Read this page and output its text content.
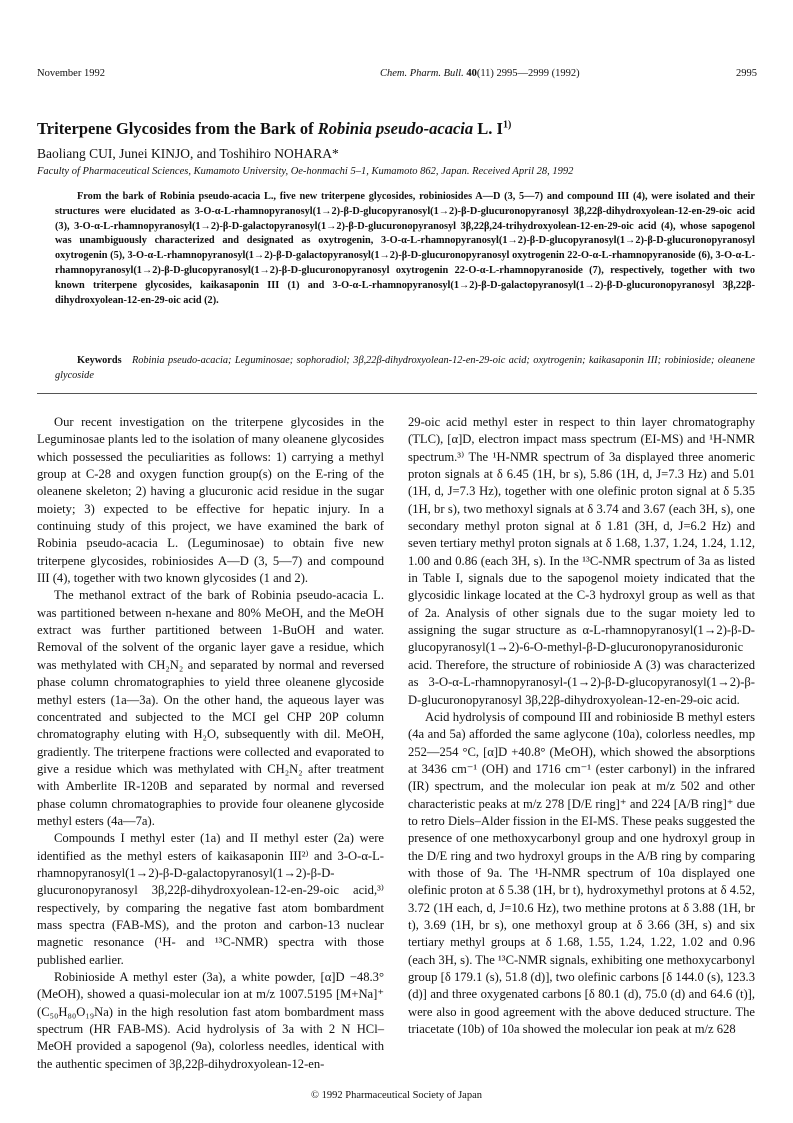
November 1992	Chem. Pharm. Bull. 40(11) 2995—2999 (1992)	2995
Triterpene Glycosides from the Bark of Robinia pseudo-acacia L. $I^{1)}$
Baoliang CUI, Junei KINJO, and Toshihiro NOHARA*
Faculty of Pharmaceutical Sciences, Kumamoto University, Oe-honmachi 5–1, Kumamoto 862, Japan. Received April 28, 1992
From the bark of Robinia pseudo-acacia L., five new triterpene glycosides, robiniosides A—D (3, 5—7) and compound III (4), were isolated and their structures were elucidated as 3-O-α-L-rhamnopyranosyl(1→2)-β-D-glucopyranosyl(1→2)-β-D-glucuronopyranosyl 3β,22β-dihydroxyolean-12-en-29-oic acid (3), 3-O-α-L-rhamnopyranosyl(1→2)-β-D-galactopyranosyl(1→2)-β-D-glucuronopyranosyl 3β,22β,24-trihydroxyolean-12-en-29-oic acid (4), whose sapogenol was unambiguously characterized and designated as oxytrogenin, 3-O-α-L-rhamnopyranosyl(1→2)-β-D-glucopyranosyl(1→2)-β-D-glucuronopyranosyl oxytrogenin (5), 3-O-α-L-rhamnopyranosyl(1→2)-β-D-galactopyranosyl(1→2)-β-D-glucuronopyranosyl oxytrogenin 22-O-α-L-rhamnopyranoside (6), 3-O-α-L-rhamnopyranosyl(1→2)-β-D-glucopyranosyl(1→2)-β-D-glucuronopyranosyl oxytrogenin 22-O-α-L-rhamnopyranoside (7), respectively, together with two known triterpene glycosides, kaikasaponin III (1) and 3-O-α-L-rhamnopyranosyl(1→2)-β-D-galactopyranosyl(1→2)-β-D-glucuronopyranosyl 3β,22β-dihydroxyolean-12-en-29-oic acid (2).
Keywords Robinia pseudo-acacia; Leguminosae; sophoradiol; 3β,22β-dihydroxyolean-12-en-29-oic acid; oxytrogenin; kaikasaponin III; robinioside; oleanene glycoside

Our recent investigation on the triterpene glycosides in the Leguminosae plants led to the isolation of many oleanene glycosides which possessed the peculiarities as follows: 1) carrying a methyl group at C-28 and oxygen function group(s) on the E-ring of the oleanene skeleton; 2) having a glucuronic acid residue in the sugar moiety; 3) expected to be effective for hepatic injury. In a continuing study of this project, we have examined the bark of Robinia pseudo-acacia L. (Leguminosae) to obtain five new triterpene glycosides, robiniosides A—D (3, 5—7) and compound III (4), together with two known glycosides (1 and 2).

The methanol extract of the bark of Robinia pseudo-acacia L. was partitioned between n-hexane and 80% MeOH, and the MeOH extract was further partitioned between 1-BuOH and water. Removal of the solvent of the organic layer gave a residue, which was methylated with CH₂N₂ and separated by normal and reversed phase column chromatographies to yield three oleanene glycoside methyl esters (1a—3a). On the other hand, the aqueous layer was concentrated and subjected to the MCI gel CHP 20P column chromatography eluting with H₂O, subsequently with dil. MeOH, gradiently. The triterpene fractions were collected and evaporated to give a residue which was methylated with CH₂N₂ after treatment with Amberlite IR-120B and separated by normal and reversed phase column chromatographies to provide four oleanene glycoside methyl esters (4a—7a).

Compounds I methyl ester (1a) and II methyl ester (2a) were identified as the methyl esters of kaikasaponin III²⁾ and 3-O-α-L-rhamnopyranosyl(1→2)-β-D-galactopyranosyl(1→2)-β-D-glucuronopyranosyl 3β,22β-dihydroxyolean-12-en-29-oic acid,³⁾ respectively, by comparing the negative fast atom bombardment mass spectra (FAB-MS), and the proton and carbon-13 nuclear magnetic resonance (¹H- and ¹³C-NMR) spectra with those published earlier.

Robinioside A methyl ester (3a), a white powder, [α]D −48.3° (MeOH), showed a quasi-molecular ion at m/z 1007.5195 [M+Na]⁺ (C₅₀H₈₀O₁₉Na) in the high resolution fast atom bombardment mass spectrum (HR FAB-MS). Acid hydrolysis of 3a with 2 N HCl–MeOH provided a sapogenol (9a), colorless needles, identical with the authentic specimen of 3β,22β-dihydroxyolean-12-en-

29-oic acid methyl ester in respect to thin layer chromatography (TLC), [α]D, electron impact mass spectrum (EI-MS) and ¹H-NMR spectrum.³⁾ The ¹H-NMR spectrum of 3a displayed three anomeric proton signals at δ 6.45 (1H, br s), 5.86 (1H, d, J=7.3 Hz) and 5.01 (1H, d, J=7.3 Hz), together with one olefinic proton signal at δ 5.35 (1H, br s), two methoxyl signals at δ 3.74 and 3.67 (each 3H, s), one secondary methyl proton signal at δ 1.81 (3H, d, J=6.2 Hz) and seven tertiary methyl proton signals at δ 1.68, 1.37, 1.24, 1.24, 1.12, 1.00 and 0.86 (each 3H, s). In the ¹³C-NMR spectrum of 3a as listed in Table I, signals due to the sapogenol moiety indicated that the glycosidic linkage located at the C-3 hydroxyl group as well as that of 2a. Analysis of other signals due to the sugar moiety led to assigning the sugar structure as α-L-rhamnopyranosyl(1→2)-β-D-glucopyranosyl(1→2)-6-O-methyl-β-D-glucuronopyranosiduronic acid. Therefore, the structure of robinioside A (3) was characterized as 3-O-α-L-rhamnopyranosyl-(1→2)-β-D-glucopyranosyl(1→2)-β-D-glucuronopyranosyl 3β,22β-dihydroxyolean-12-en-29-oic acid.

Acid hydrolysis of compound III and robinioside B methyl esters (4a and 5a) afforded the same aglycone (10a), colorless needles, mp 252—254 °C, [α]D +40.8° (MeOH), which showed the absorptions at 3436 cm⁻¹ (OH) and 1716 cm⁻¹ (ester carbonyl) in the infrared (IR) spectrum, and the molecular ion peak at m/z 502 and other characteristic peaks at m/z 278 [D/E ring]⁺ and 224 [A/B ring]⁺ due to retro Diels–Alder fission in the EI-MS. These peaks suggested the presence of one methoxycarbonyl group and one hydroxyl group in the D/E ring and two hydroxyl groups in the A/B ring by comparing with those of 9a. The ¹H-NMR spectrum of 10a displayed one olefinic proton at δ 5.38 (1H, br t), hydroxymethyl protons at δ 4.52, 3.72 (1H each, d, J=10.6 Hz), two methine protons at δ 3.88 (1H, br t), 3.69 (1H, br s), one methoxyl group at δ 3.66 (3H, s) and six tertiary methyl groups at δ 1.68, 1.55, 1.24, 1.22, 1.02 and 0.96 (each 3H, s). The ¹³C-NMR signals, exhibiting one methoxycarbonyl group [δ 179.1 (s), 51.8 (d)], two olefinic carbons [δ 144.0 (s), 123.3 (d)] and three oxygenated carbons [δ 80.1 (d), 75.0 (d) and 64.6 (t)], were also in good agreement with the above deduced structure. The triacetate (10b) of 10a showed the molecular ion peak at m/z 628

© 1992 Pharmaceutical Society of Japan
